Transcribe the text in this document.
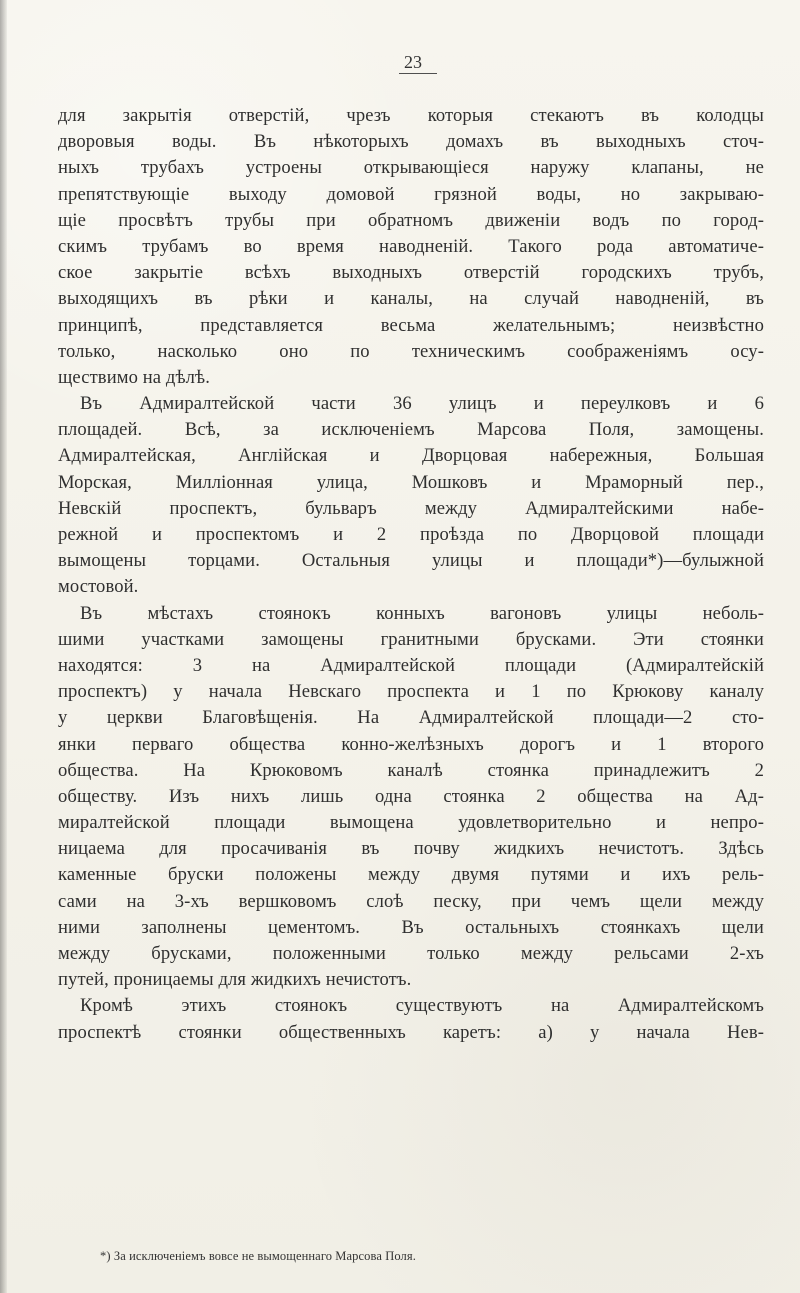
23
для закрытія отверстій, чрезъ которыя стекаютъ въ колодцы
дворовыя воды. Въ нѣкоторыхъ домахъ въ выходныхъ сточ-
ныхъ трубахъ устроены открывающіеся наружу клапаны, не
препятствующіе выходу домовой грязной воды, но закрываю-
щіе просвѣтъ трубы при обратномъ движеніи водъ по город-
скимъ трубамъ во время наводненій. Такого рода автоматиче-
ское закрытіе всѣхъ выходныхъ отверстій городскихъ трубъ,
выходящихъ въ рѣки и каналы, на случай наводненій, въ
принципѣ, представляется весьма желательнымъ; неизвѣстно
только, насколько оно по техническимъ соображеніямъ осу-
ществимо на дѣлѣ.
Въ Адмиралтейской части 36 улицъ и переулковъ и 6
площадей. Всѣ, за исключеніемъ Марсова Поля, замощены.
Адмиралтейская, Англійская и Дворцовая набережныя, Большая
Морская, Милліонная улица, Мошковъ и Мраморный пер.,
Невскій проспектъ, бульваръ между Адмиралтейскими набе-
режной и проспектомъ и 2 проѣзда по Дворцовой площади
вымощены торцами. Остальныя улицы и площади*)—булыжной
мостовой.
Въ мѣстахъ стоянокъ конныхъ вагоновъ улицы неболь-
шими участками замощены гранитными брусками. Эти стоянки
находятся: 3 на Адмиралтейской площади (Адмиралтейскій
проспектъ) у начала Невскаго проспекта и 1 по Крюкову каналу
у церкви Благовѣщенія. На Адмиралтейской площади—2 сто-
янки перваго общества конно-желѣзныхъ дорогъ и 1 второго
общества. На Крюковомъ каналѣ стоянка принадлежитъ 2
обществу. Изъ нихъ лишь одна стоянка 2 общества на Ад-
миралтейской площади вымощена удовлетворительно и непро-
ницаема для просачиванія въ почву жидкихъ нечистотъ. Здѣсь
каменные бруски положены между двумя путями и ихъ рель-
сами на 3-хъ вершковомъ слоѣ песку, при чемъ щели между
ними заполнены цементомъ. Въ остальныхъ стоянкахъ щели
между брусками, положенными только между рельсами 2-хъ
путей, проницаемы для жидкихъ нечистотъ.
Кромѣ этихъ стоянокъ существуютъ на Адмиралтейскомъ
проспектѣ стоянки общественныхъ каретъ: а) у начала Нев-
*) За исключеніемъ вовсе не вымощеннаго Марсова Поля.
